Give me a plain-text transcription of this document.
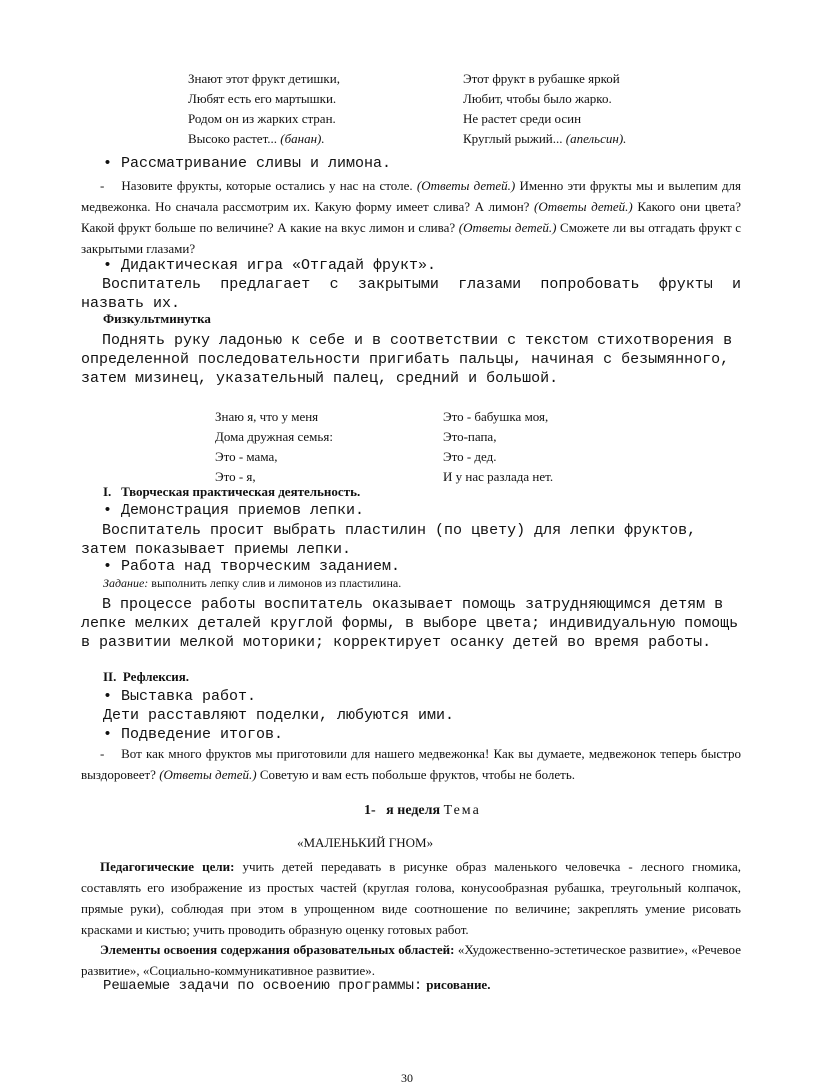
Знают этот фрукт детишки,
Любят есть его мартышки.
Родом он из жарких стран.
Высоко растет... (банан).
Этот фрукт в рубашке яркой
Любит, чтобы было жарко.
Не растет среди осин
Круглый рыжий... (апельсин).

• Рассматривание сливы и лимона.

- Назовите фрукты, которые остались у нас на столе. (Ответы детей.) Именно эти фрукты мы и вылепим для медвежонка. Но сначала рассмотрим их. Какую форму имеет слива? А лимон? (Ответы детей.) Какого они цвета? Какой фрукт больше по величине? А какие на вкус лимон и слива? (Ответы детей.) Сможете ли вы отгадать фрукт с закрытыми глазами?

• Дидактическая игра «Отгадай фрукт».

Воспитатель предлагает с закрытыми глазами попробовать фрукты и назвать их.

Физкультминутка

Поднять руку ладонью к себе и в соответствии с текстом стихотворения в определенной последовательности пригибать пальцы, начиная с безымянного, затем мизинец, указательный палец, средний и большой.

Знаю я, что у меня
Дома дружная семья:
Это - мама,
Это - я,
Это - бабушка моя,
Это-папа,
Это - дед.
И у нас разлада нет.

I. Творческая практическая деятельность.

• Демонстрация приемов лепки.

Воспитатель просит выбрать пластилин (по цвету) для лепки фруктов, затем показывает приемы лепки.

• Работа над творческим заданием.

Задание: выполнить лепку слив и лимонов из пластилина.

В процессе работы воспитатель оказывает помощь затрудняющимся детям в лепке мелких деталей круглой формы, в выборе цвета; индивидуальную помощь в развитии мелкой моторики; корректирует осанку детей во время работы.

II. Рефлексия.

• Выставка работ.

Дети расставляют поделки, любуются ими.

• Подведение итогов.

- Вот как много фруктов мы приготовили для нашего медвежонка! Как вы думаете, медвежонок теперь быстро выздоровеет? (Ответы детей.) Советую и вам есть побольше фруктов, чтобы не болеть.

1- я неделя Тема

«МАЛЕНЬКИЙ ГНОМ»

Педагогические цели: учить детей передавать в рисунке образ маленького человечка - лесного гномика, составлять его изображение из простых частей (круглая голова, конусообразная рубашка, треугольный колпачок, прямые руки), соблюдая при этом в упрощенном виде соотношение по величине; закреплять умение рисовать красками и кистью; учить проводить образную оценку готовых работ.

Элементы освоения содержания образовательных областей: «Художественно-эстетическое развитие», «Речевое развитие», «Социально-коммуникативное развитие».

Решаемые задачи по освоению программы: рисование.

30
